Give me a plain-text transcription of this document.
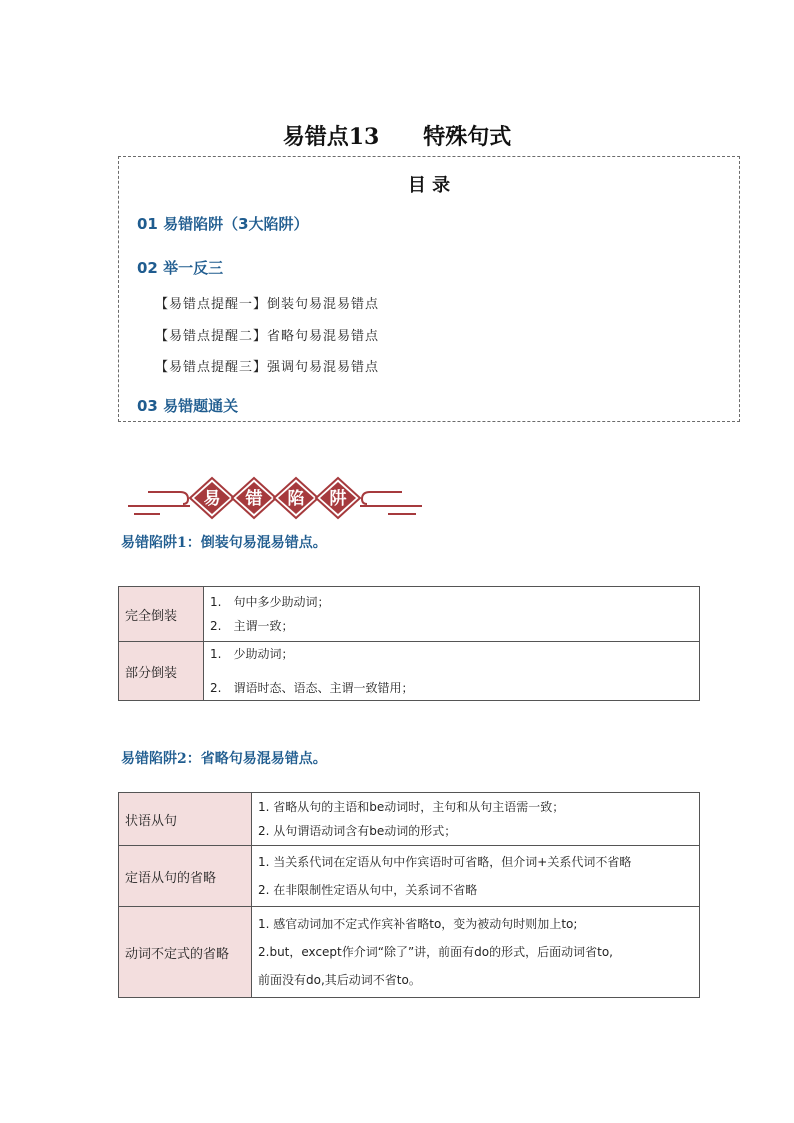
易错点13　　特殊句式
目 录
01 易错陷阱（3大陷阱）
02 举一反三
【易错点提醒一】倒装句易混易错点
【易错点提醒二】省略句易混易错点
【易错点提醒三】强调句易混易错点
03 易错题通关
易 错 陷 阱
易错陷阱1：倒装句易混易错点。
完全倒装	1.　句中多少助动词；
2.　主谓一致；

部分倒装	1.　少助动词；
2.　谓语时态、语态、主谓一致错用；
易错陷阱2：省略句易混易错点。
状语从句	1. 省略从句的主语和be动词时，主句和从句主语需一致；
2. 从句谓语动词含有be动词的形式；

定语从句的省略	1. 当关系代词在定语从句中作宾语时可省略，但介词+关系代词不省略
2. 在非限制性定语从句中，关系词不省略

动词不定式的省略	1. 感官动词加不定式作宾补省略to，变为被动句时则加上to;
2.but，except作介词“除了”讲，前面有do的形式，后面动词省to,
前面没有do,其后动词不省to。
